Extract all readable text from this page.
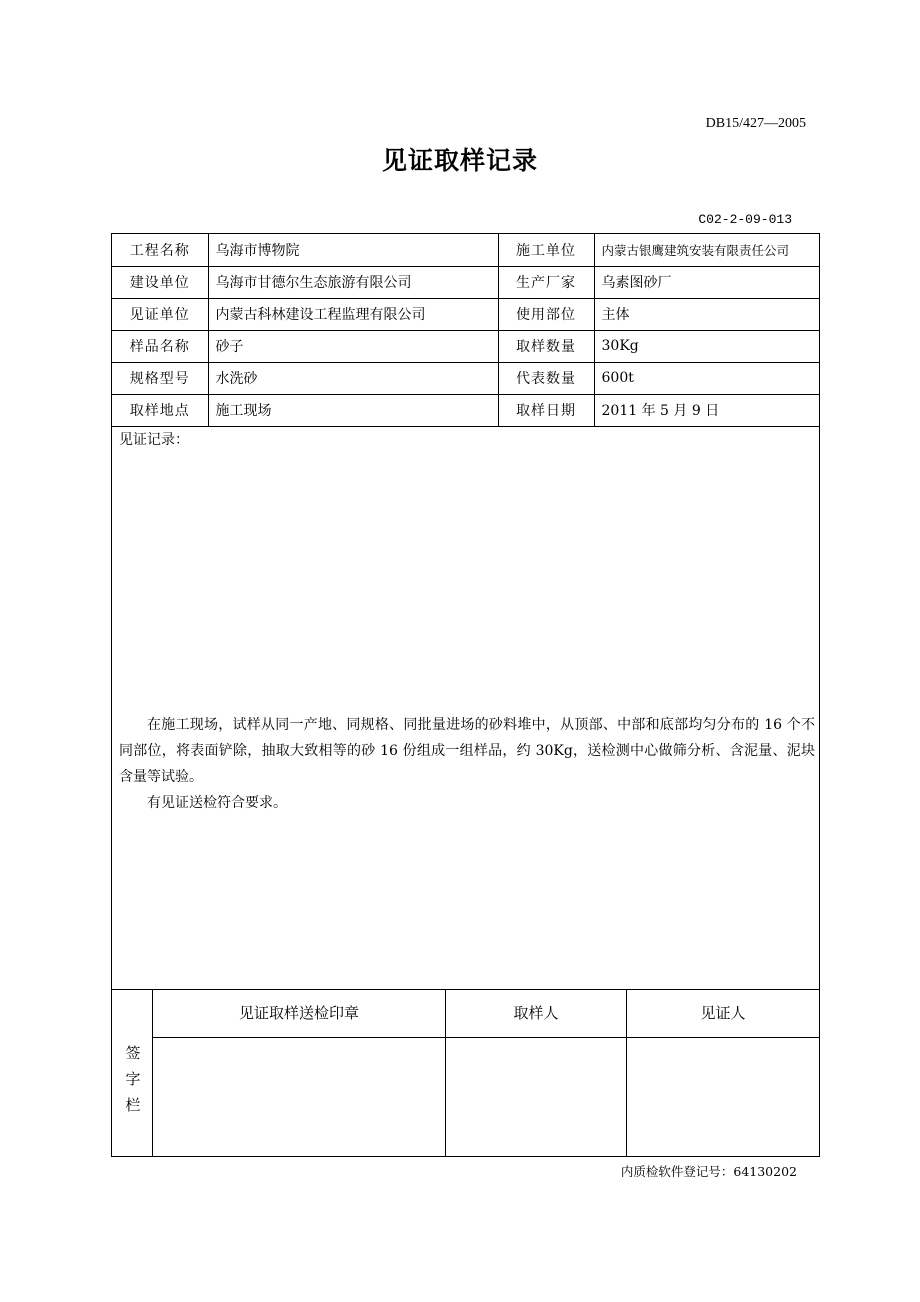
DB15/427—2005
见证取样记录
C02-2-09-013
工程名称	乌海市博物院	施工单位	内蒙古银鹰建筑安装有限责任公司
建设单位	乌海市甘德尔生态旅游有限公司	生产厂家	乌素图砂厂
见证单位	内蒙古科林建设工程监理有限公司	使用部位	主体
样品名称	砂子	取样数量	30Kg
规格型号	水洗砂	代表数量	600t
取样地点	施工现场	取样日期	2011 年 5 月 9 日
见证记录：

在施工现场，试样从同一产地、同规格、同批量进场的砂料堆中，从顶部、中部和底部均匀分布的 16 个不同部位，将表面铲除，抽取大致相等的砂 16 份组成一组样品，约 30Kg，送检测中心做筛分析、含泥量、泥块含量等试验。

有见证送检符合要求。

签
字
栏
见证取样送检印章	取样人	见证人
内质检软件登记号：64130202
